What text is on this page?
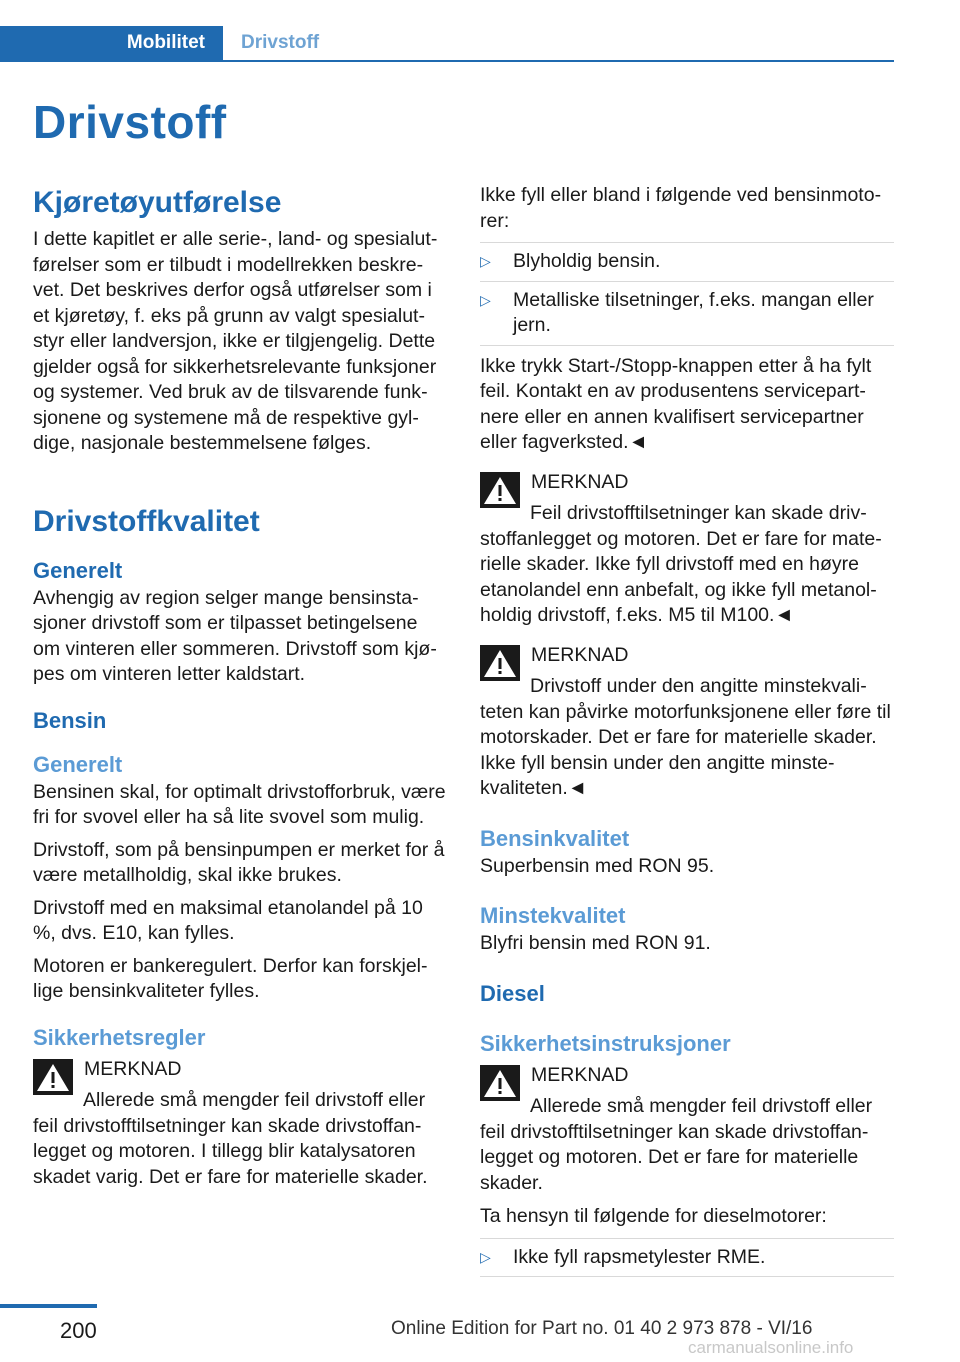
Mobilitet	Drivstoff
Drivstoff
Kjøretøyutførelse

I dette kapitlet er alle serie-, land- og spesialutførelser som er tilbudt i modellrekken beskrevet. Det beskrives derfor også utførelser som i et kjøretøy, f. eks på grunn av valgt spesialutstyr eller landversjon, ikke er tilgjengelig. Dette gjelder også for sikkerhetsrelevante funksjoner og systemer. Ved bruk av de tilsvarende funksjonene og systemene må de respektive gyldige, nasjonale bestemmelsene følges.

Drivstoffkvalitet
Generelt

Avhengig av region selger mange bensinstasjoner drivstoff som er tilpasset betingelsene om vinteren eller sommeren. Drivstoff som kjøpes om vinteren letter kaldstart.

Bensin
Generelt

Bensinen skal, for optimalt drivstofforbruk, være fri for svovel eller ha så lite svovel som mulig.

Drivstoff, som på bensinpumpen er merket for å være metallholdig, skal ikke brukes.

Drivstoff med en maksimal etanolandel på 10 %, dvs. E10, kan fylles.

Motoren er bankeregulert. Derfor kan forskjellige bensinkvaliteter fylles.

Sikkerhetsregler
MERKNAD

Allerede små mengder feil drivstoff eller feil drivstofftilsetninger kan skade drivstoffanlegget og motoren. I tillegg blir katalysatoren skadet varig. Det er fare for materielle skader.

Ikke fyll eller bland i følgende ved bensinmotorer:

▷ Blyholdig bensin.
▷ Metalliske tilsetninger, f.eks. mangan eller jern.

Ikke trykk Start-/Stopp-knappen etter å ha fylt feil. Kontakt en av produsentens servicepartnere eller en annen kvalifisert servicepartner eller fagverksted.◄

MERKNAD

Feil drivstofftilsetninger kan skade drivstoffanlegget og motoren. Det er fare for materielle skader. Ikke fyll drivstoff med en høyre etanolandel enn anbefalt, og ikke fyll metanolholdig drivstoff, f.eks. M5 til M100.◄

MERKNAD

Drivstoff under den angitte minstekvaliteten kan påvirke motorfunksjonene eller føre til motorskader. Det er fare for materielle skader. Ikke fyll bensin under den angitte minstekvaliteten.◄

Bensinkvalitet

Superbensin med RON 95.

Minstekvalitet

Blyfri bensin med RON 91.

Diesel
Sikkerhetsinstruksjoner
MERKNAD

Allerede små mengder feil drivstoff eller feil drivstofftilsetninger kan skade drivstoffanlegget og motoren. Det er fare for materielle skader.

Ta hensyn til følgende for dieselmotorer:

▷ Ikke fyll rapsmetylester RME.
200	Online Edition for Part no. 01 40 2 973 878 - VI/16
carmanualsonline.info
